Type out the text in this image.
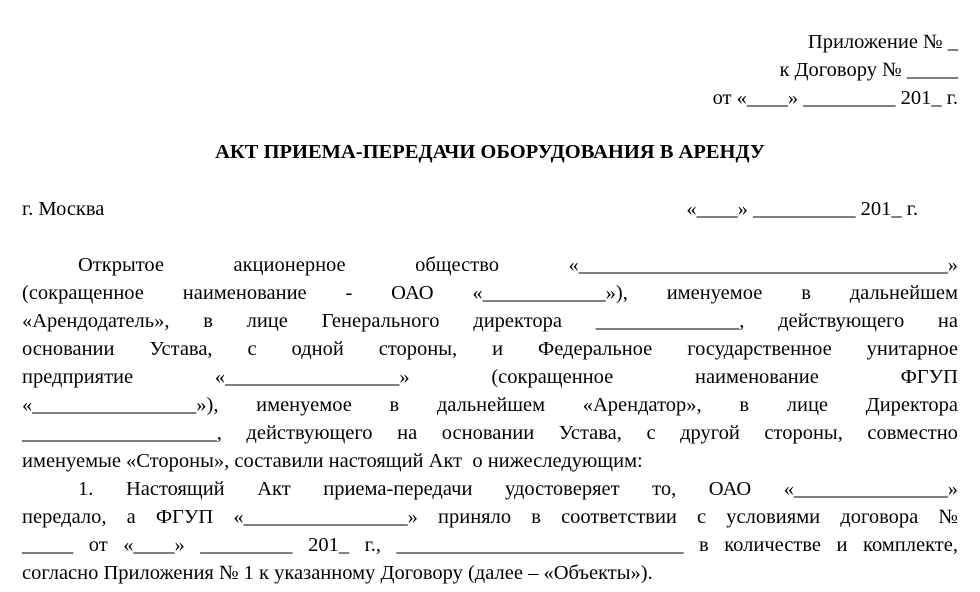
Приложение № _
к Договору № _____
от «____» _________ 201_ г.
АКТ ПРИЕМА-ПЕРЕДАЧИ ОБОРУДОВАНИЯ В АРЕНДУ
г. Москва	«____» __________ 201_ г.
Открытое	акционерное	общество	«____________________________________»
(сокращенное наименование - ОАО «____________»), именуемое в дальнейшем
«Арендодатель», в лице Генерального директора ______________, действующего на
основании Устава, с одной стороны, и Федеральное государственное унитарное
предприятие	«_________________»	(сокращенное	наименование	ФГУП
«________________»), именуемое в дальнейшем «Арендатор», в лице Директора
___________________, действующего на основании Устава, с другой стороны, совместно
именуемые «Стороны», составили настоящий Акт  о нижеследующим:
1. Настоящий Акт приема-передачи удостоверяет то, ОАО «_______________»
передало, а ФГУП «________________» приняло в соответствии с условиями договора №
_____ от «____» _________ 201_ г., ____________________________ в количестве и комплекте,
согласно Приложения № 1 к указанному Договору (далее – «Объекты»).
